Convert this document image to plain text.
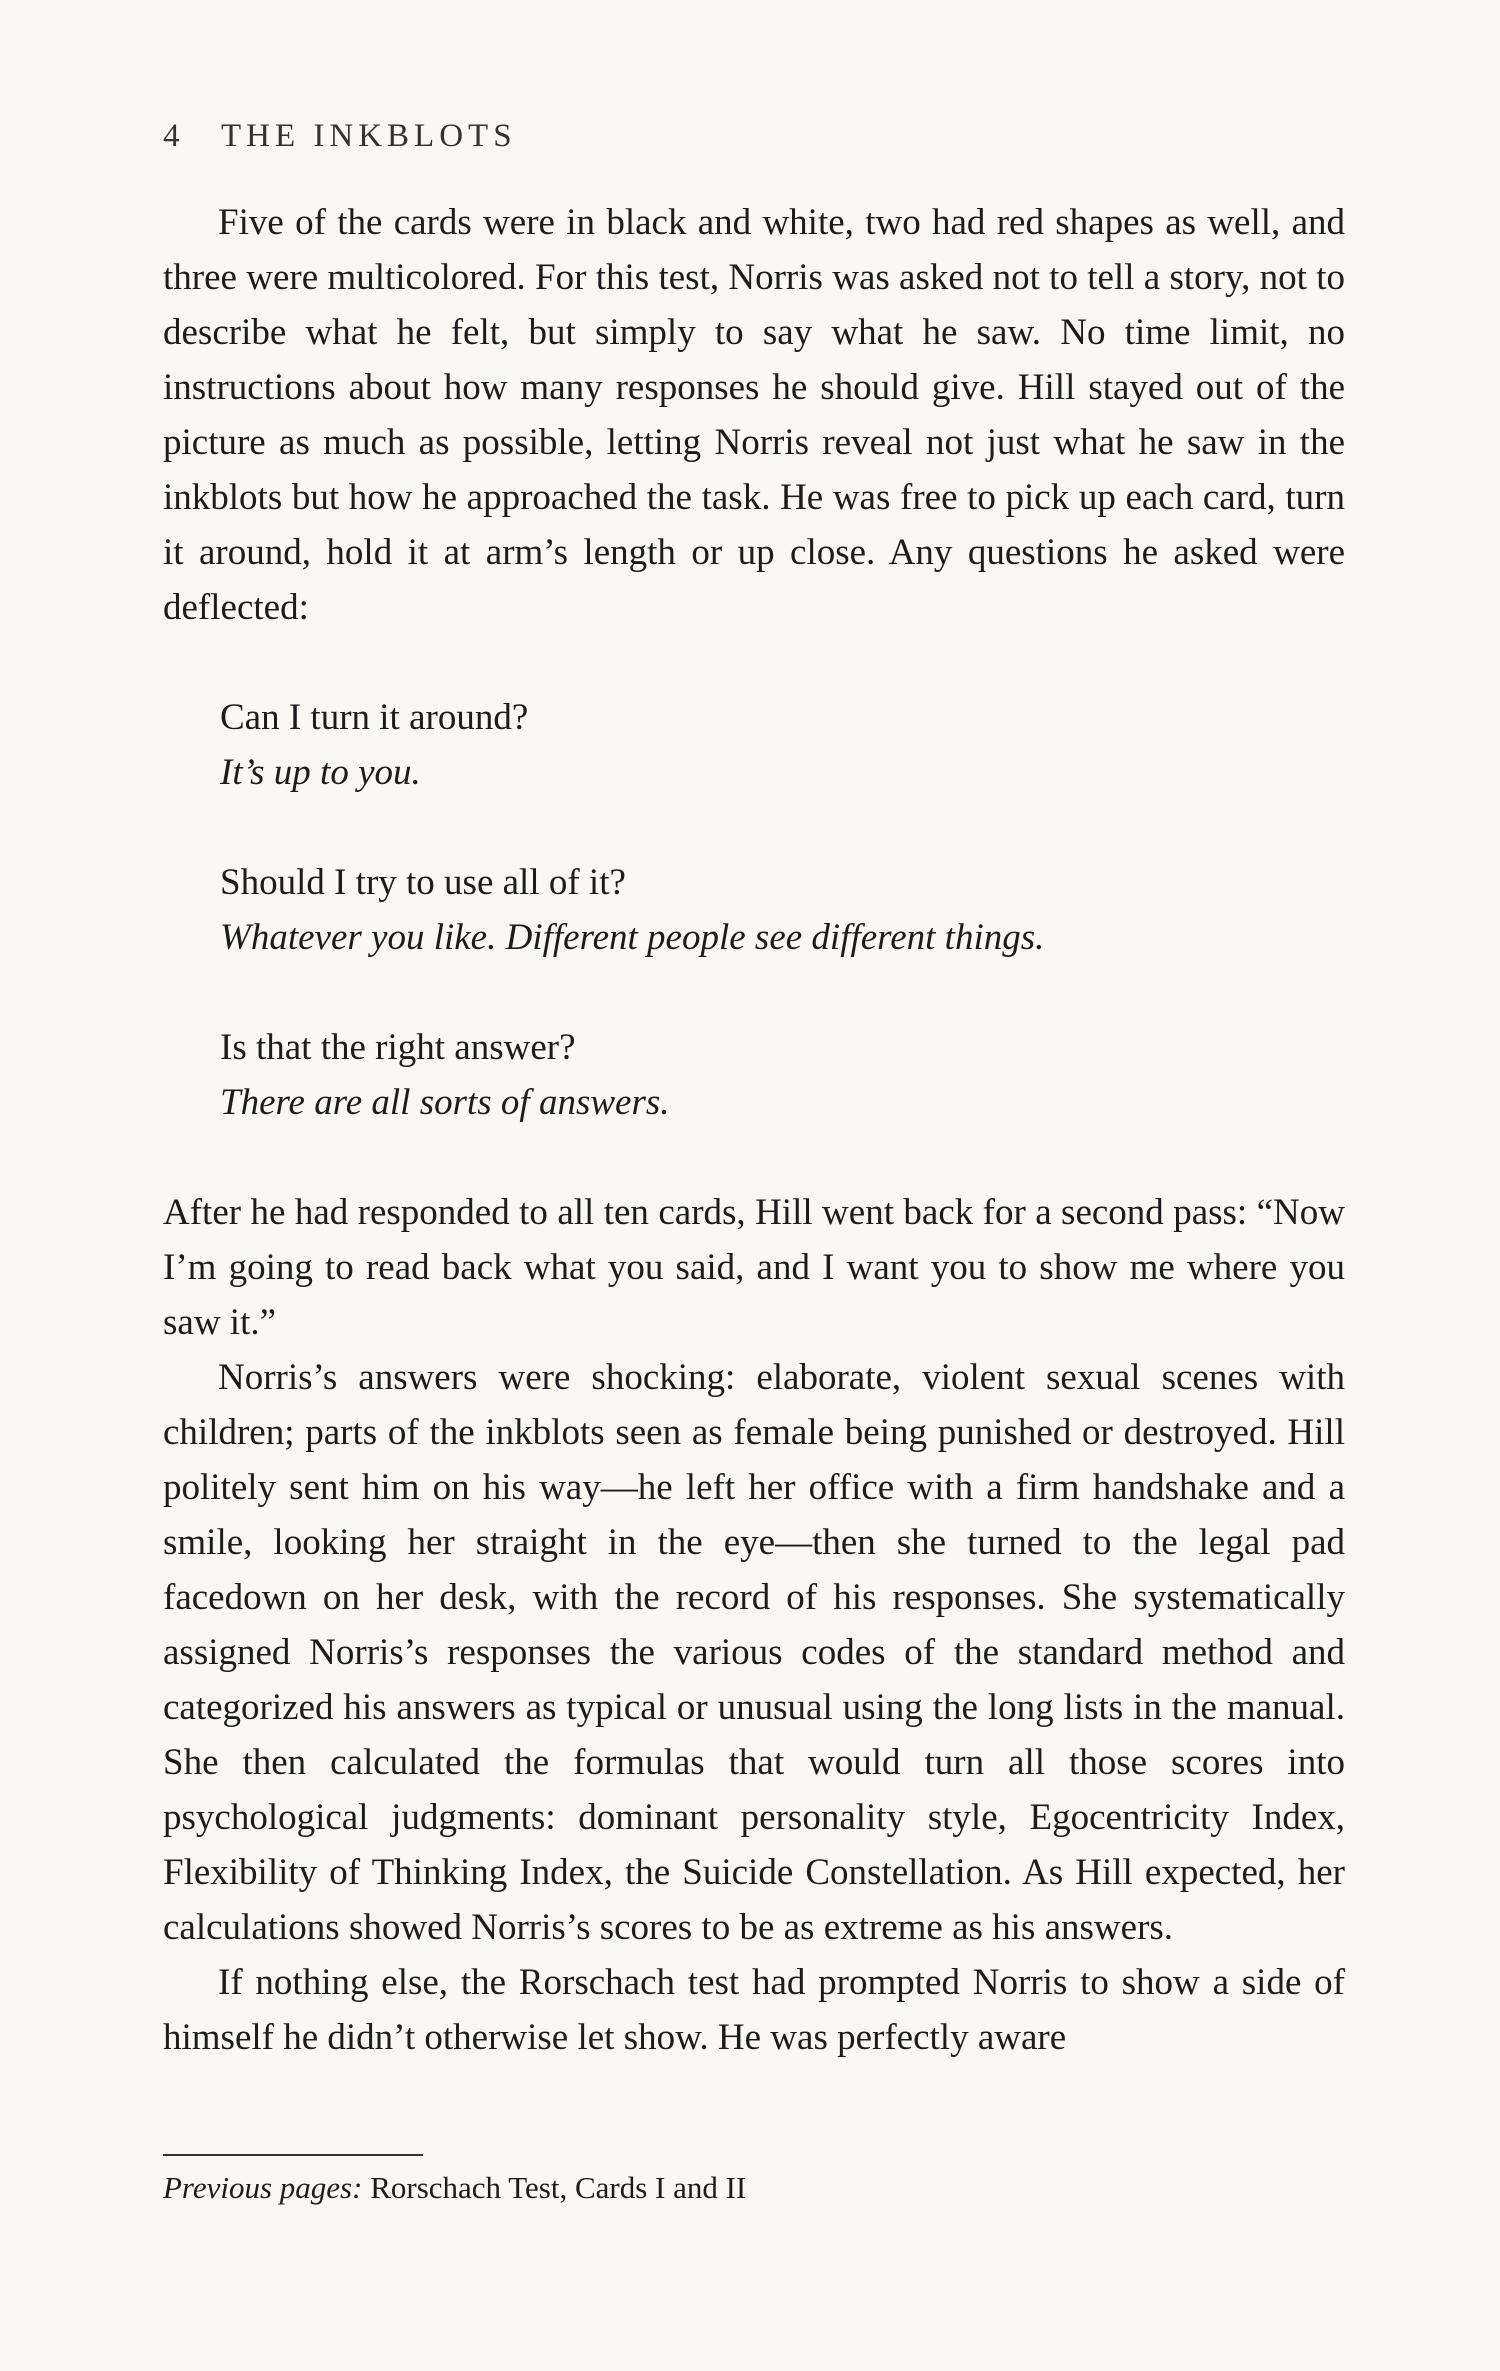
4 THE INKBLOTS

Five of the cards were in black and white, two had red shapes as well, and three were multicolored. For this test, Norris was asked not to tell a story, not to describe what he felt, but simply to say what he saw. No time limit, no instructions about how many responses he should give. Hill stayed out of the picture as much as possible, letting Norris reveal not just what he saw in the inkblots but how he approached the task. He was free to pick up each card, turn it around, hold it at arm’s length or up close. Any questions he asked were deflected:

Can I turn it around?
It’s up to you.
Should I try to use all of it?
Whatever you like. Different people see different things.
Is that the right answer?
There are all sorts of answers.

After he had responded to all ten cards, Hill went back for a second pass: “Now I’m going to read back what you said, and I want you to show me where you saw it.”

Norris’s answers were shocking: elaborate, violent sexual scenes with children; parts of the inkblots seen as female being punished or destroyed. Hill politely sent him on his way—he left her office with a firm handshake and a smile, looking her straight in the eye—then she turned to the legal pad facedown on her desk, with the record of his responses. She systematically assigned Norris’s responses the various codes of the standard method and categorized his answers as typical or unusual using the long lists in the manual. She then calculated the formulas that would turn all those scores into psychological judgments: dominant personality style, Egocentricity Index, Flexibility of Thinking Index, the Suicide Constellation. As Hill expected, her calculations showed Norris’s scores to be as extreme as his answers.

If nothing else, the Rorschach test had prompted Norris to show a side of himself he didn’t otherwise let show. He was perfectly aware

Previous pages: Rorschach Test, Cards I and II
